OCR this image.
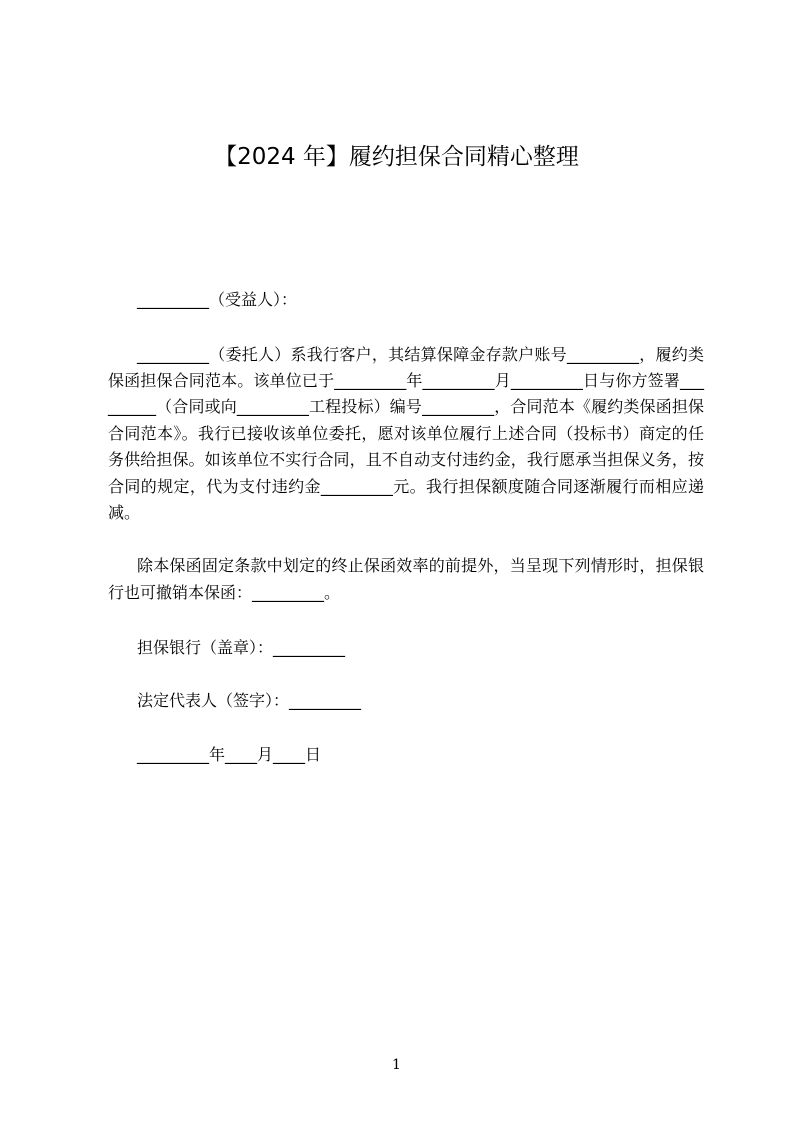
【2024 年】履约担保合同精心整理
_________（受益人）：
_________（委托人）系我行客户，其结算保障金存款户账号_________，履约类
保函担保合同范本。该单位已于_________年_________月_________日与你方签署___
______（合同或向_________工程投标）编号_________，合同范本《履约类保函担保
合同范本》。我行已接收该单位委托，愿对该单位履行上述合同（投标书）商定的任
务供给担保。如该单位不实行合同，且不自动支付违约金，我行愿承当担保义务，按
合同的规定，代为支付违约金_________元。我行担保额度随合同逐渐履行而相应递
减。
除本保函固定条款中划定的终止保函效率的前提外，当呈现下列情形时，担保银
行也可撤销本保函：_________。
担保银行（盖章）：_________
法定代表人（签字）：_________
_________年____月____日
1
